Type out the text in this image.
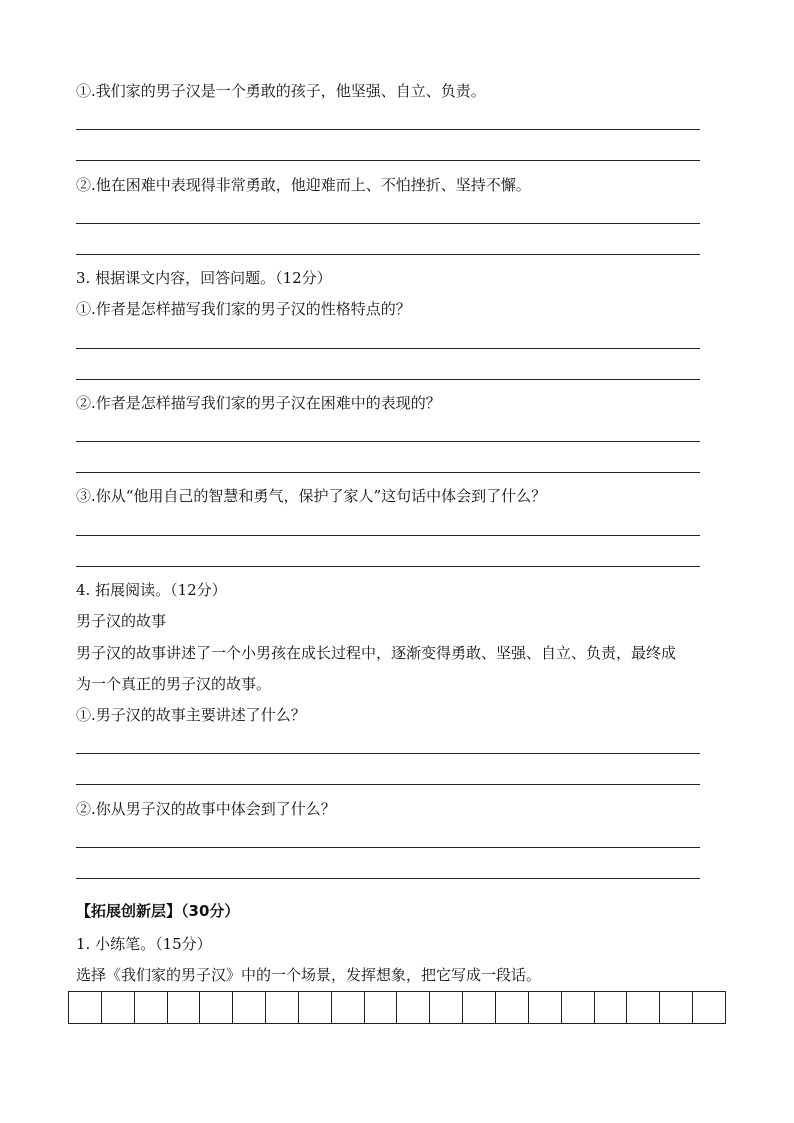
①.我们家的男子汉是一个勇敢的孩子，他坚强、自立、负责。
②.他在困难中表现得非常勇敢，他迎难而上、不怕挫折、坚持不懈。
3. 根据课文内容，回答问题。（12分）
①.作者是怎样描写我们家的男子汉的性格特点的？
②.作者是怎样描写我们家的男子汉在困难中的表现的？
③.你从“他用自己的智慧和勇气，保护了家人”这句话中体会到了什么？
4. 拓展阅读。（12分）
男子汉的故事
男子汉的故事讲述了一个小男孩在成长过程中，逐渐变得勇敢、坚强、自立、负责，最终成
为一个真正的男子汉的故事。
①.男子汉的故事主要讲述了什么？
②.你从男子汉的故事中体会到了什么？
【拓展创新层】（30分）
1. 小练笔。（15分）
选择《我们家的男子汉》中的一个场景，发挥想象，把它写成一段话。
